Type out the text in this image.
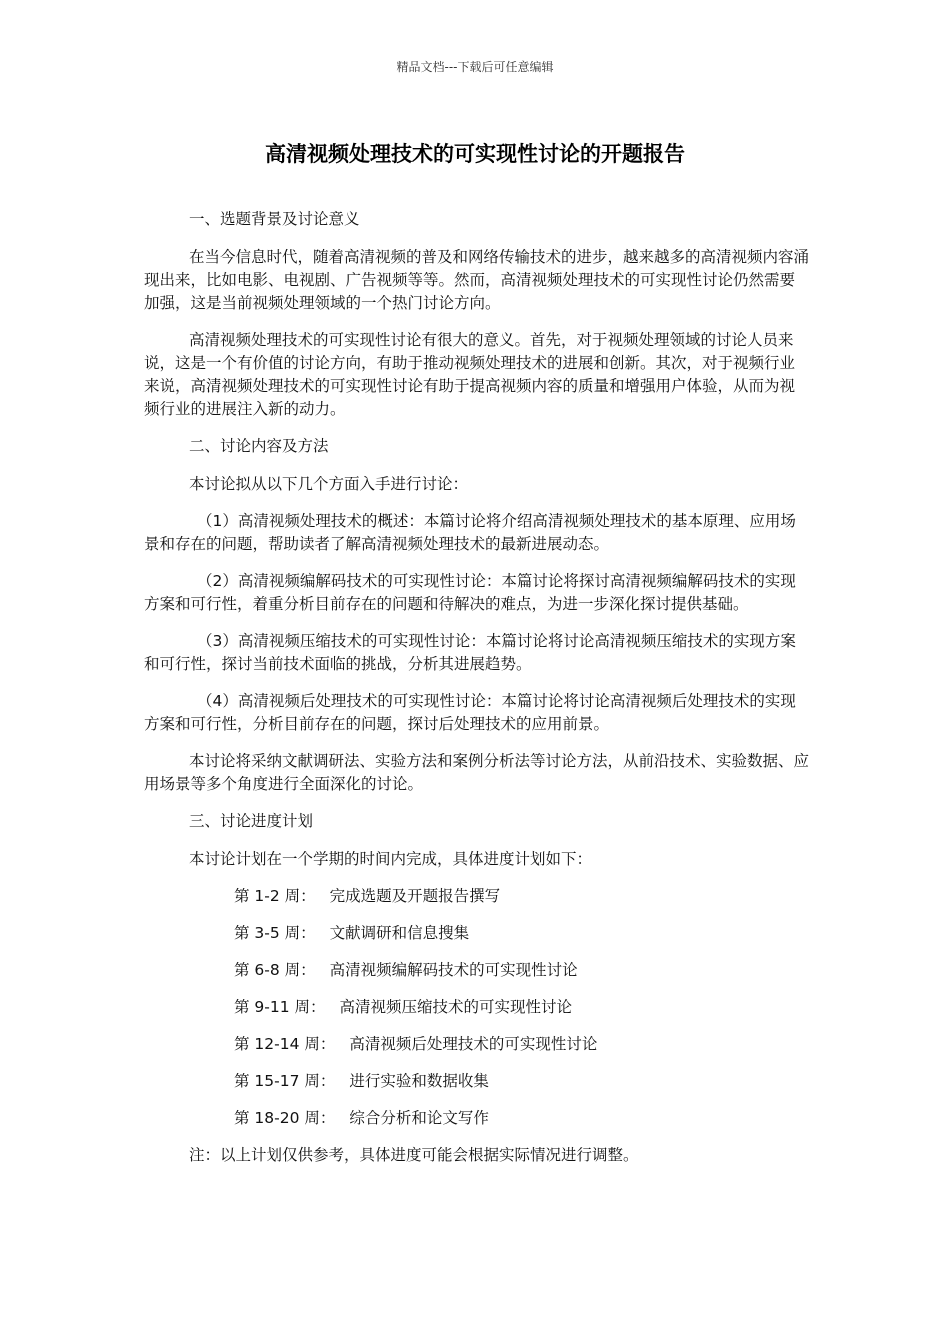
精品文档---下载后可任意编辑
高清视频处理技术的可实现性讨论的开题报告

一、选题背景及讨论意义

在当今信息时代，随着高清视频的普及和网络传输技术的进步，越来越多的高清视频内容涌现出来，比如电影、电视剧、广告视频等等。然而，高清视频处理技术的可实现性讨论仍然需要加强，这是当前视频处理领域的一个热门讨论方向。

高清视频处理技术的可实现性讨论有很大的意义。首先，对于视频处理领域的讨论人员来说，这是一个有价值的讨论方向，有助于推动视频处理技术的进展和创新。其次，对于视频行业来说，高清视频处理技术的可实现性讨论有助于提高视频内容的质量和增强用户体验，从而为视频行业的进展注入新的动力。

二、讨论内容及方法

本讨论拟从以下几个方面入手进行讨论：

（1）高清视频处理技术的概述：本篇讨论将介绍高清视频处理技术的基本原理、应用场景和存在的问题，帮助读者了解高清视频处理技术的最新进展动态。

（2）高清视频编解码技术的可实现性讨论：本篇讨论将探讨高清视频编解码技术的实现方案和可行性，着重分析目前存在的问题和待解决的难点，为进一步深化探讨提供基础。

（3）高清视频压缩技术的可实现性讨论：本篇讨论将讨论高清视频压缩技术的实现方案和可行性，探讨当前技术面临的挑战，分析其进展趋势。

（4）高清视频后处理技术的可实现性讨论：本篇讨论将讨论高清视频后处理技术的实现方案和可行性，分析目前存在的问题，探讨后处理技术的应用前景。

本讨论将采纳文献调研法、实验方法和案例分析法等讨论方法，从前沿技术、实验数据、应用场景等多个角度进行全面深化的讨论。

三、讨论进度计划

本讨论计划在一个学期的时间内完成，具体进度计划如下：

第 1-2 周： 完成选题及开题报告撰写

第 3-5 周： 文献调研和信息搜集

第 6-8 周： 高清视频编解码技术的可实现性讨论

第 9-11 周： 高清视频压缩技术的可实现性讨论

第 12-14 周： 高清视频后处理技术的可实现性讨论

第 15-17 周： 进行实验和数据收集

第 18-20 周： 综合分析和论文写作

注：以上计划仅供参考，具体进度可能会根据实际情况进行调整。
